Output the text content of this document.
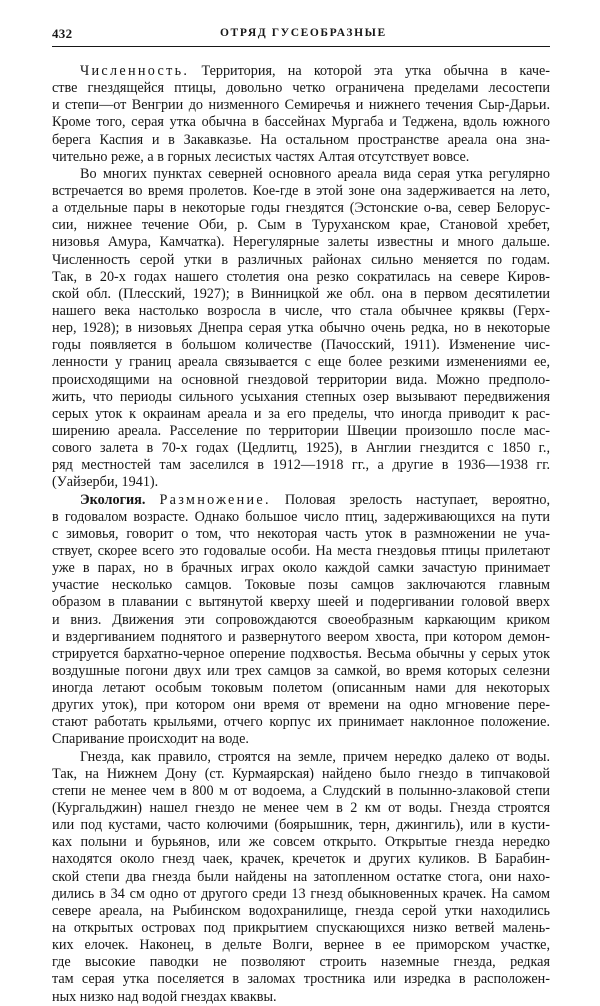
432	ОТРЯД ГУСЕОБРАЗНЫЕ
Численность. Территория, на которой эта утка обычна в каче-
стве гнездящейся птицы, довольно четко ограничена пределами лесостепи
и степи—от Венгрии до низменного Семиречья и нижнего течения Сыр-Дарьи.
Кроме того, серая утка обычна в бассейнах Мургаба и Теджена, вдоль южного
берега Каспия и в Закавказье. На остальном пространстве ареала она зна-
чительно реже, а в горных лесистых частях Алтая отсутствует вовсе.
Во многих пунктах северней основного ареала вида серая утка регулярно
встречается во время пролетов. Кое-где в этой зоне она задерживается на лето,
а отдельные пары в некоторые годы гнездятся (Эстонские о-ва, север Белорус-
сии, нижнее течение Оби, р. Сым в Туруханском крае, Становой хребет,
низовья Амура, Камчатка). Нерегулярные залеты известны и много дальше.
Численность серой утки в различных районах сильно меняется по годам.
Так, в 20-х годах нашего столетия она резко сократилась на севере Киров-
ской обл. (Плесский, 1927); в Винницкой же обл. она в первом десятилетии
нашего века настолько возросла в числе, что стала обычнее кряквы (Герх-
нер, 1928); в низовьях Днепра серая утка обычно очень редка, но в некоторые
годы появляется в большом количестве (Пачосский, 1911). Изменение чис-
ленности у границ ареала связывается с еще более резкими изменениями ее,
происходящими на основной гнездовой территории вида. Можно предполо-
жить, что периоды сильного усыхания степных озер вызывают передвижения
серых уток к окраинам ареала и за его пределы, что иногда приводит к рас-
ширению ареала. Расселение по территории Швеции произошло после мас-
сового залета в 70-х годах (Цедлитц, 1925), в Англии гнездится с 1850 г.,
ряд местностей там заселился в 1912—1918 гг., а другие в 1936—1938 гг.
(Уайзерби, 1941).
Экология. Размножение. Половая зрелость наступает, вероятно,
в годовалом возрасте. Однако большое число птиц, задерживающихся на пути
с зимовья, говорит о том, что некоторая часть уток в размножении не уча-
ствует, скорее всего это годовалые особи. На места гнездовья птицы прилетают
уже в парах, но в брачных играх около каждой самки зачастую принимает
участие несколько самцов. Токовые позы самцов заключаются главным
образом в плавании с вытянутой кверху шеей и подергивании головой вверх
и вниз. Движения эти сопровождаются своеобразным каркающим криком
и вздергиванием поднятого и развернутого веером хвоста, при котором демон-
стрируется бархатно-черное оперение подхвостья. Весьма обычны у серых уток
воздушные погони двух или трех самцов за самкой, во время которых селезни
иногда летают особым токовым полетом (описанным нами для некоторых
других уток), при котором они время от времени на одно мгновение пере-
стают работать крыльями, отчего корпус их принимает наклонное положение.
Спаривание происходит на воде.
Гнезда, как правило, строятся на земле, причем нередко далеко от воды.
Так, на Нижнем Дону (ст. Курмаярская) найдено было гнездо в типчаковой
степи не менее чем в 800 м от водоема, а Слудский в полынно-злаковой степи
(Кургальджин) нашел гнездо не менее чем в 2 км от воды. Гнезда строятся
или под кустами, часто колючими (боярышник, терн, джингиль), или в кусти-
ках полыни и бурьянов, или же совсем открыто. Открытые гнезда нередко
находятся около гнезд чаек, крачек, кречеток и других куликов. В Барабин-
ской степи два гнезда были найдены на затопленном остатке стога, они нахо-
дились в 34 см одно от другого среди 13 гнезд обыкновенных крачек. На самом
севере ареала, на Рыбинском водохранилище, гнезда серой утки находились
на открытых островах под прикрытием спускающихся низко ветвей малень-
ких елочек. Наконец, в дельте Волги, вернее в ее приморском участке,
где высокие паводки не позволяют строить наземные гнезда, редкая
там серая утка поселяется в заломах тростника или изредка в расположен-
ных низко над водой гнездах кваквы.
